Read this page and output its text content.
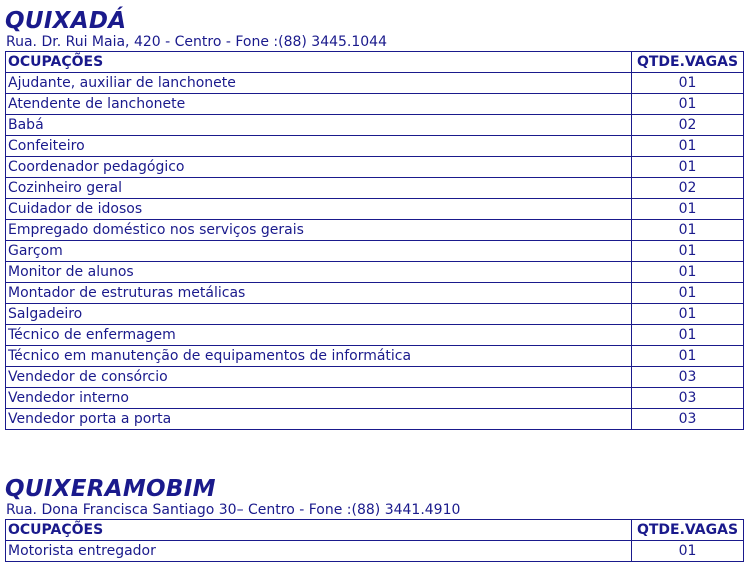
QUIXADÁ

Rua. Dr. Rui Maia, 420 - Centro - Fone :(88) 3445.1044

OCUPAÇÕES	QTDE.VAGAS
Ajudante, auxiliar de lanchonete	01
Atendente de lanchonete	01
Babá	02
Confeiteiro	01
Coordenador pedagógico	01
Cozinheiro geral	02
Cuidador de idosos	01
Empregado doméstico nos serviços gerais	01
Garçom	01
Monitor de alunos	01
Montador de estruturas metálicas	01
Salgadeiro	01
Técnico de enfermagem	01
Técnico em manutenção de equipamentos de informática	01
Vendedor de consórcio	03
Vendedor interno	03
Vendedor porta a porta	03
QUIXERAMOBIM

Rua. Dona Francisca Santiago 30– Centro - Fone :(88) 3441.4910

OCUPAÇÕES	QTDE.VAGAS
Motorista entregador	01
